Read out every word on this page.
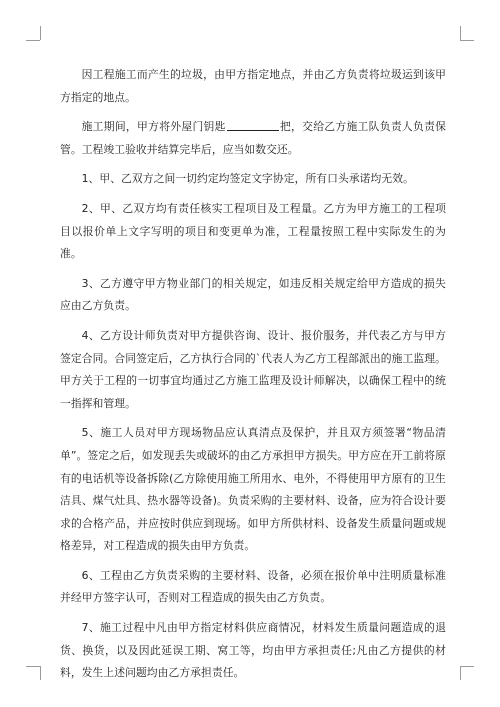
因工程施工而产生的垃圾，由甲方指定地点，并由乙方负责将垃圾运到该甲方指定的地点。

施工期间，甲方将外屋门钥匙	把，交给乙方施工队负责人负责保管。工程竣工验收并结算完毕后，应当如数交还。

1、甲、乙双方之间一切约定均签定文字协定，所有口头承诺均无效。

2、甲、乙双方均有责任核实工程项目及工程量。乙方为甲方施工的工程项目以报价单上文字写明的项目和变更单为准，工程量按照工程中实际发生的为准。

3、乙方遵守甲方物业部门的相关规定，如违反相关规定给甲方造成的损失应由乙方负责。

4、乙方设计师负责对甲方提供咨询、设计、报价服务，并代表乙方与甲方签定合同。合同签定后，乙方执行合同的`代表人为乙方工程部派出的施工监理。甲方关于工程的一切事宜均通过乙方施工监理及设计师解决，以确保工程中的统一指挥和管理。

5、施工人员对甲方现场物品应认真清点及保护，并且双方须签署“物品清单”。签定之后，如发现丢失或破坏的由乙方承担甲方损失。甲方应在开工前将原有的电话机等设备拆除(乙方除使用施工所用水、电外，不得使用甲方原有的卫生洁具、煤气灶具、热水器等设备)。负责采购的主要材料、设备，应为符合设计要求的合格产品，并应按时供应到现场。如甲方所供材料、设备发生质量问题或规格差异，对工程造成的损失由甲方负责。

6、工程由乙方负责采购的主要材料、设备，必须在报价单中注明质量标准并经甲方签字认可，否则对工程造成的损失由乙方负责。

7、施工过程中凡由甲方指定材料供应商情况，材料发生质量问题造成的退货、换货，以及因此延误工期、窝工等，均由甲方承担责任;凡由乙方提供的材料，发生上述问题均由乙方承担责任。
